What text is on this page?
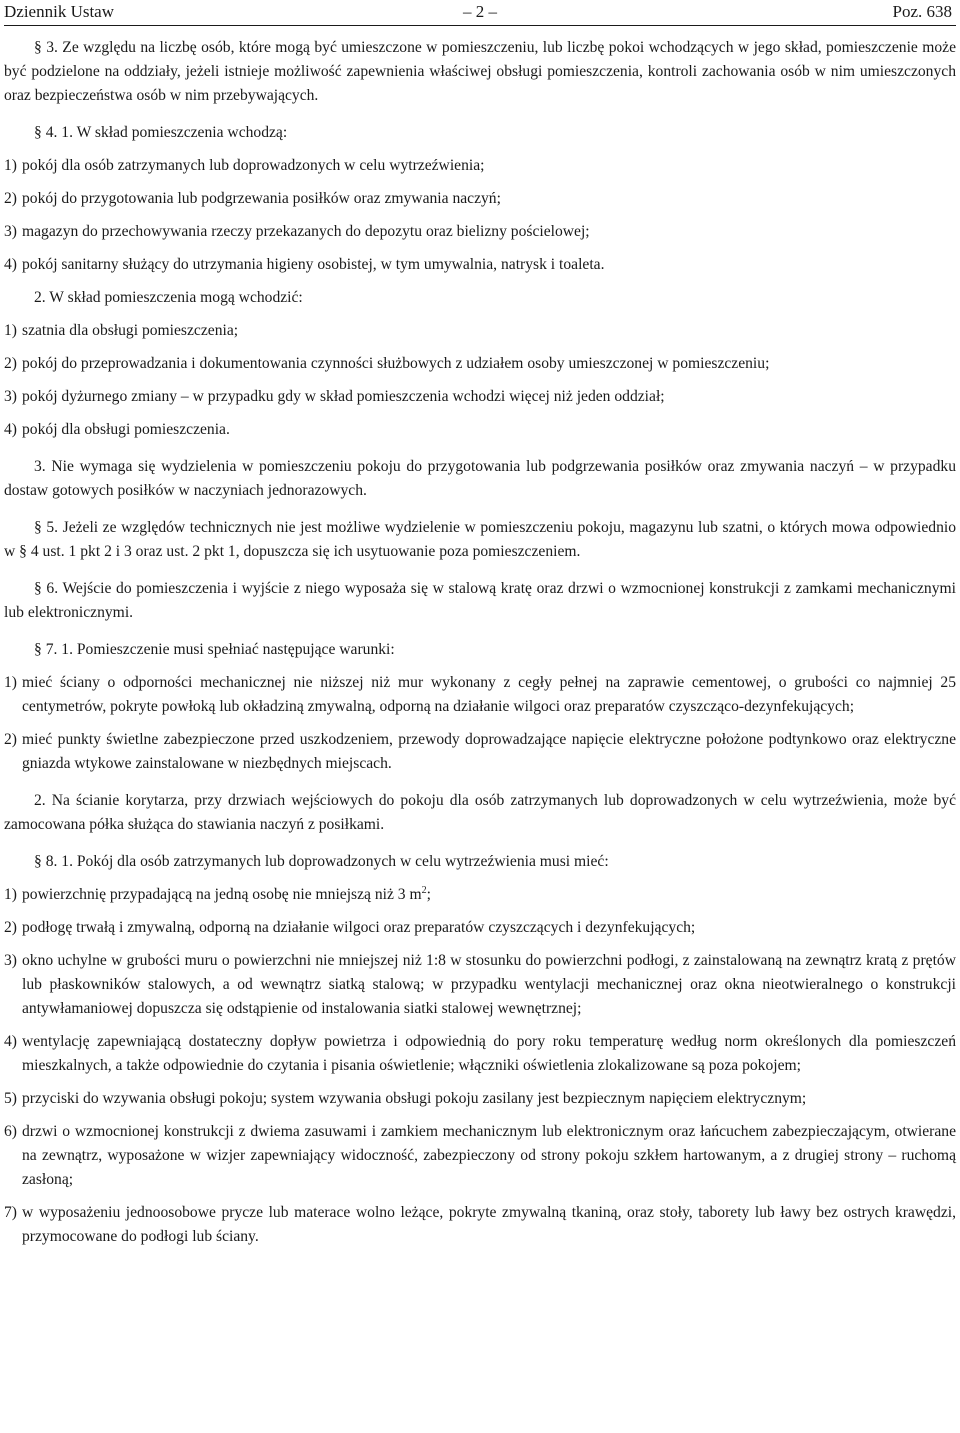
Dziennik Ustaw	– 2 –	Poz. 638

§ 3. Ze względu na liczbę osób, które mogą być umieszczone w pomieszczeniu, lub liczbę pokoi wchodzących w jego skład, pomieszczenie może być podzielone na oddziały, jeżeli istnieje możliwość zapewnienia właściwej obsługi pomieszczenia, kontroli zachowania osób w nim umieszczonych oraz bezpieczeństwa osób w nim przebywających.

§ 4. 1. W skład pomieszczenia wchodzą:

1) pokój dla osób zatrzymanych lub doprowadzonych w celu wytrzeźwienia;
2) pokój do przygotowania lub podgrzewania posiłków oraz zmywania naczyń;
3) magazyn do przechowywania rzeczy przekazanych do depozytu oraz bielizny pościelowej;
4) pokój sanitarny służący do utrzymania higieny osobistej, w tym umywalnia, natrysk i toaleta.

2. W skład pomieszczenia mogą wchodzić:

1) szatnia dla obsługi pomieszczenia;
2) pokój do przeprowadzania i dokumentowania czynności służbowych z udziałem osoby umieszczonej w pomieszczeniu;
3) pokój dyżurnego zmiany – w przypadku gdy w skład pomieszczenia wchodzi więcej niż jeden oddział;
4) pokój dla obsługi pomieszczenia.

3. Nie wymaga się wydzielenia w pomieszczeniu pokoju do przygotowania lub podgrzewania posiłków oraz zmywania naczyń – w przypadku dostaw gotowych posiłków w naczyniach jednorazowych.

§ 5. Jeżeli ze względów technicznych nie jest możliwe wydzielenie w pomieszczeniu pokoju, magazynu lub szatni, o których mowa odpowiednio w § 4 ust. 1 pkt 2 i 3 oraz ust. 2 pkt 1, dopuszcza się ich usytuowanie poza pomieszczeniem.

§ 6. Wejście do pomieszczenia i wyjście z niego wyposaża się w stalową kratę oraz drzwi o wzmocnionej konstrukcji z zamkami mechanicznymi lub elektronicznymi.

§ 7. 1. Pomieszczenie musi spełniać następujące warunki:

1) mieć ściany o odporności mechanicznej nie niższej niż mur wykonany z cegły pełnej na zaprawie cementowej, o grubości co najmniej 25 centymetrów, pokryte powłoką lub okładziną zmywalną, odporną na działanie wilgoci oraz preparatów czyszcząco-dezynfekujących;
2) mieć punkty świetlne zabezpieczone przed uszkodzeniem, przewody doprowadzające napięcie elektryczne położone podtynkowo oraz elektryczne gniazda wtykowe zainstalowane w niezbędnych miejscach.

2. Na ścianie korytarza, przy drzwiach wejściowych do pokoju dla osób zatrzymanych lub doprowadzonych w celu wytrzeźwienia, może być zamocowana półka służąca do stawiania naczyń z posiłkami.

§ 8. 1. Pokój dla osób zatrzymanych lub doprowadzonych w celu wytrzeźwienia musi mieć:

1) powierzchnię przypadającą na jedną osobę nie mniejszą niż 3 $m^2$;
2) podłogę trwałą i zmywalną, odporną na działanie wilgoci oraz preparatów czyszczących i dezynfekujących;
3) okno uchylne w grubości muru o powierzchni nie mniejszej niż 1:8 w stosunku do powierzchni podłogi, z zainstalowaną na zewnątrz kratą z prętów lub płaskowników stalowych, a od wewnątrz siatką stalową; w przypadku wentylacji mechanicznej oraz okna nieotwieralnego o konstrukcji antywłamaniowej dopuszcza się odstąpienie od instalowania siatki stalowej wewnętrznej;
4) wentylację zapewniającą dostateczny dopływ powietrza i odpowiednią do pory roku temperaturę według norm określonych dla pomieszczeń mieszkalnych, a także odpowiednie do czytania i pisania oświetlenie; włączniki oświetlenia zlokalizowane są poza pokojem;
5) przyciski do wzywania obsługi pokoju; system wzywania obsługi pokoju zasilany jest bezpiecznym napięciem elektrycznym;
6) drzwi o wzmocnionej konstrukcji z dwiema zasuwami i zamkiem mechanicznym lub elektronicznym oraz łańcuchem zabezpieczającym, otwierane na zewnątrz, wyposażone w wizjer zapewniający widoczność, zabezpieczony od strony pokoju szkłem hartowanym, a z drugiej strony – ruchomą zasłoną;
7) w wyposażeniu jednoosobowe prycze lub materace wolno leżące, pokryte zmywalną tkaniną, oraz stoły, taborety lub ławy bez ostrych krawędzi, przymocowane do podłogi lub ściany.
